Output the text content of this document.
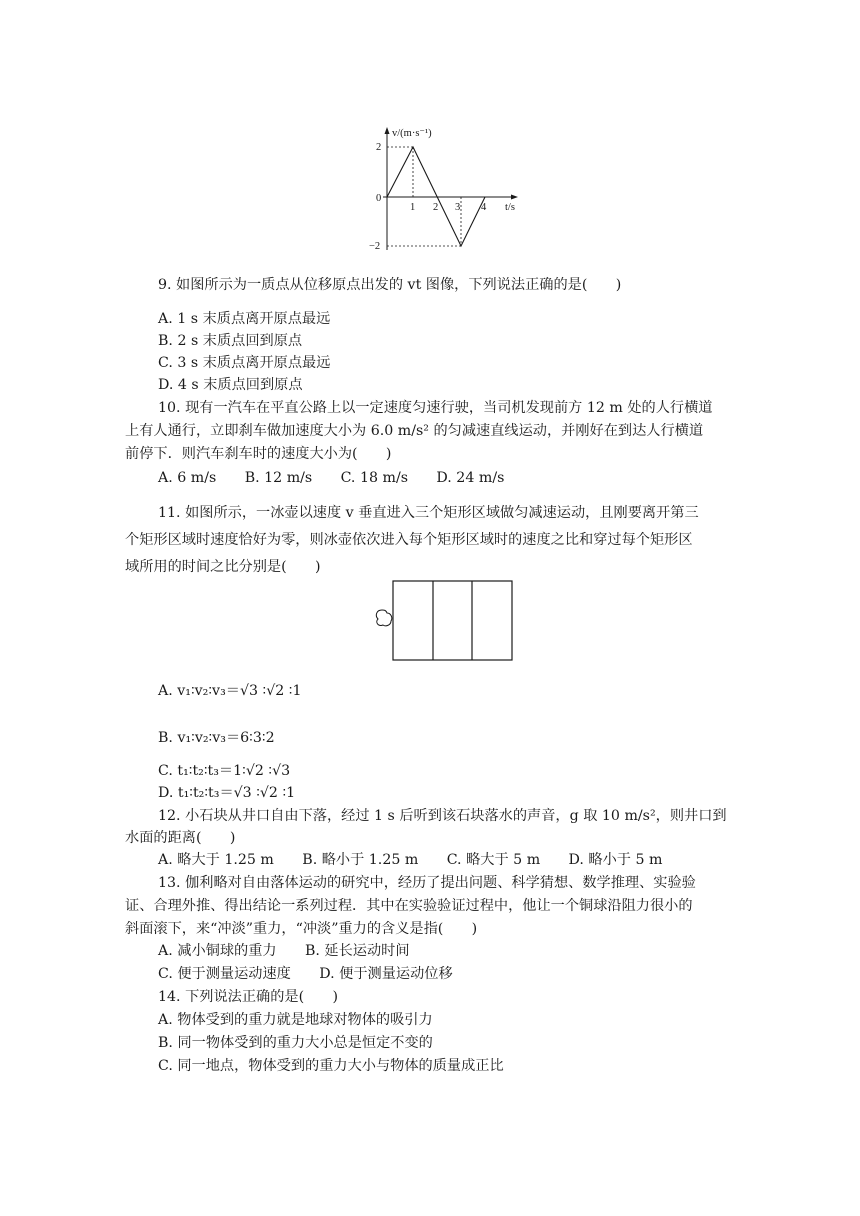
v/(m·s⁻¹)
t/s
2
0
−2
1 2 3 4
9. 如图所示为一质点从位移原点出发的 vt 图像，下列说法正确的是(　　)
A. 1 s 末质点离开原点最远
B. 2 s 末质点回到原点
C. 3 s 末质点离开原点最远
D. 4 s 末质点回到原点
10. 现有一汽车在平直公路上以一定速度匀速行驶，当司机发现前方 12 m 处的人行横道
上有人通行，立即刹车做加速度大小为 6.0 m/s² 的匀减速直线运动，并刚好在到达人行横道
前停下．则汽车刹车时的速度大小为(　　)
A. 6 m/s　　B. 12 m/s　　C. 18 m/s　　D. 24 m/s
11. 如图所示，一冰壶以速度 v 垂直进入三个矩形区域做匀减速运动，且刚要离开第三
个矩形区域时速度恰好为零，则冰壶依次进入每个矩形区域时的速度之比和穿过每个矩形区
域所用的时间之比分别是(　　)
A. v₁∶v₂∶v₃＝√3 ∶√2 ∶1
B. v₁∶v₂∶v₃＝6∶3∶2
C. t₁∶t₂∶t₃＝1∶√2 ∶√3
D. t₁∶t₂∶t₃＝√3 ∶√2 ∶1
12. 小石块从井口自由下落，经过 1 s 后听到该石块落水的声音，g 取 10 m/s²，则井口到
水面的距离(　　)
A. 略大于 1.25 m　　B. 略小于 1.25 m　　C. 略大于 5 m　　D. 略小于 5 m
13. 伽利略对自由落体运动的研究中，经历了提出问题、科学猜想、数学推理、实验验
证、合理外推、得出结论一系列过程．其中在实验验证过程中，他让一个铜球沿阻力很小的
斜面滚下，来“冲淡”重力，“冲淡”重力的含义是指(　　)
A. 减小铜球的重力　　B. 延长运动时间
C. 便于测量运动速度　　D. 便于测量运动位移
14. 下列说法正确的是(　　)
A. 物体受到的重力就是地球对物体的吸引力
B. 同一物体受到的重力大小总是恒定不变的
C. 同一地点，物体受到的重力大小与物体的质量成正比
